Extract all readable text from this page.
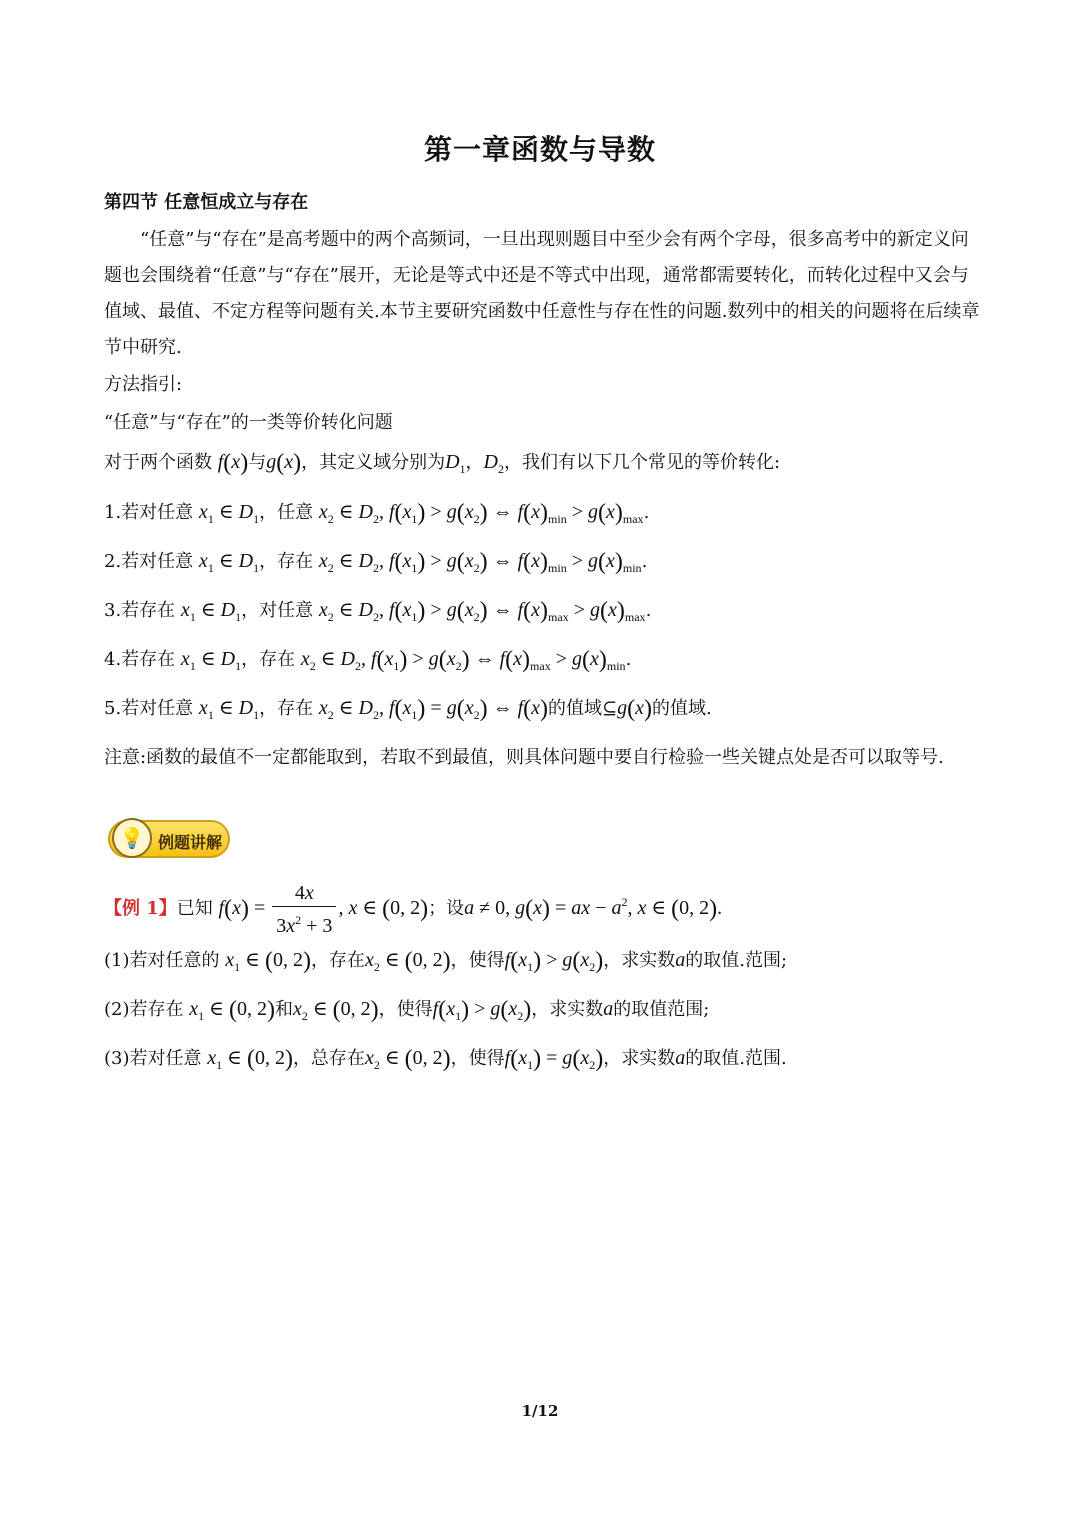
第一章函数与导数
第四节 任意恒成立与存在
“任意”与“存在”是高考题中的两个高频词，一旦出现则题目中至少会有两个字母，很多高考中的新定义问题也会围绕着“任意”与“存在”展开，无论是等式中还是不等式中出现，通常都需要转化，而转化过程中又会与值域、最值、不定方程等问题有关.本节主要研究函数中任意性与存在性的问题.数列中的相关的问题将在后续章节中研究.
方法指引:
“任意”与“存在”的一类等价转化问题
对于两个函数 f(x)与g(x)，其定义域分别为$D_1$，$D_2$，我们有以下几个常见的等价转化:
1.若对任意 $x_1$ ∈ $D_1$，任意 $x_2$ ∈ $D_2$, $f(x_1) > g(x_2)$ ⇔ $f(x)_{min} > g(x)_{max}$.
2.若对任意 $x_1$ ∈ $D_1$，存在 $x_2$ ∈ $D_2$, $f(x_1) > g(x_2)$ ⇔ $f(x)_{min} > g(x)_{min}$.
3.若存在 $x_1$ ∈ $D_1$，对任意 $x_2$ ∈ $D_2$, $f(x_1) > g(x_2)$ ⇔ $f(x)_{max} > g(x)_{max}$.
4.若存在 $x_1$ ∈ $D_1$，存在 $x_2$ ∈ $D_2$, $f(x_1) > g(x_2)$ ⇔ $f(x)_{max} > g(x)_{min}$.
5.若对任意 $x_1$ ∈ $D_1$，存在 $x_2$ ∈ $D_2$, $f(x_1) = g(x_2)$ ⇔ f(x)的值域⊆g(x)的值域.
注意:函数的最值不一定都能取到，若取不到最值，则具体问题中要自行检验一些关键点处是否可以取等号.
💡 例题讲解
【例 1】已知 $f(x) = \frac{4x}{3x^2 + 3}$ , x ∈ (0, 2)；设a ≠ 0, g(x) = ax − $a^2$, x ∈ (0, 2).
(1)若对任意的 $x_1$ ∈ (0, 2)，存在$x_2$ ∈ (0, 2)，使得$f(x_1) > g(x_2)$，求实数a的取值.范围;
(2)若存在 $x_1$ ∈ (0, 2)和$x_2$ ∈ (0, 2)，使得$f(x_1) > g(x_2)$，求实数a的取值范围;
(3)若对任意 $x_1$ ∈ (0, 2)，总存在$x_2$ ∈ (0, 2)，使得$f(x_1) = g(x_2)$，求实数a的取值.范围.
1/12
